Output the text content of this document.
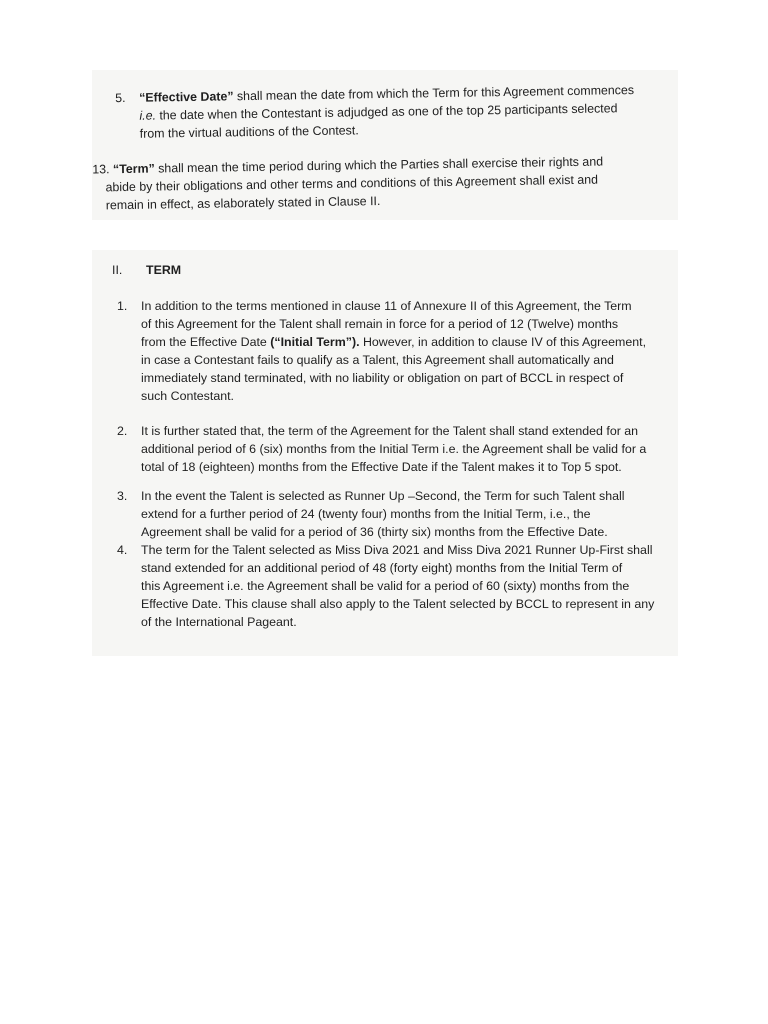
5. “Effective Date” shall mean the date from which the Term for this Agreement commences
i.e. the date when the Contestant is adjudged as one of the top 25 participants selected
from the virtual auditions of the Contest.
13. “Term” shall mean the time period during which the Parties shall exercise their rights and
abide by their obligations and other terms and conditions of this Agreement shall exist and
remain in effect, as elaborately stated in Clause II.
II. TERM
1. In addition to the terms mentioned in clause 11 of Annexure II of this Agreement, the Term
of this Agreement for the Talent shall remain in force for a period of 12 (Twelve) months
from the Effective Date (“Initial Term”). However, in addition to clause IV of this Agreement,
in case a Contestant fails to qualify as a Talent, this Agreement shall automatically and
immediately stand terminated, with no liability or obligation on part of BCCL in respect of
such Contestant.
2. It is further stated that, the term of the Agreement for the Talent shall stand extended for an
additional period of 6 (six) months from the Initial Term i.e. the Agreement shall be valid for a
total of 18 (eighteen) months from the Effective Date if the Talent makes it to Top 5 spot.
3. In the event the Talent is selected as Runner Up –Second, the Term for such Talent shall
extend for a further period of 24 (twenty four) months from the Initial Term, i.e., the
Agreement shall be valid for a period of 36 (thirty six) months from the Effective Date.
4. The term for the Talent selected as Miss Diva 2021 and Miss Diva 2021 Runner Up-First shall
stand extended for an additional period of 48 (forty eight) months from the Initial Term of
this Agreement i.e. the Agreement shall be valid for a period of 60 (sixty) months from the
Effective Date. This clause shall also apply to the Talent selected by BCCL to represent in any
of the International Pageant.
